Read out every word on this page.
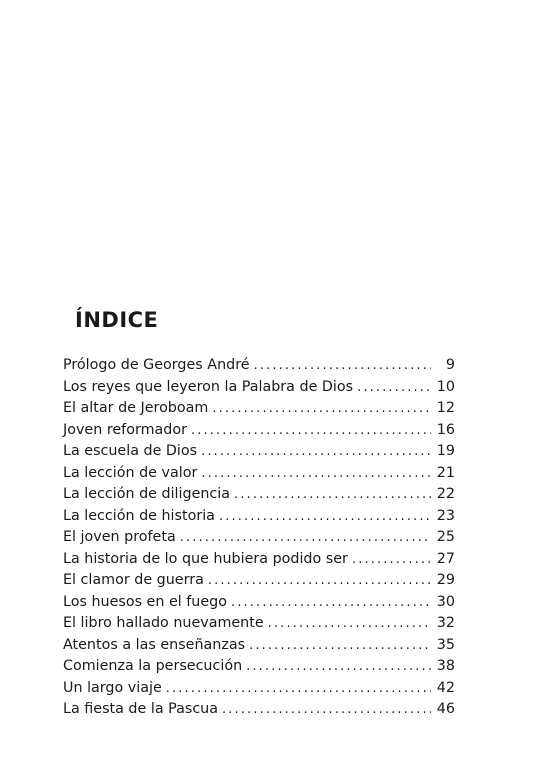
ÍNDICE
Prólogo de Georges André . . .	9
Los reyes que leyeron la Palabra de Dios . . .	10
El altar de Jeroboam . . .	12
Joven reformador . . .	16
La escuela de Dios . . .	19
La lección de valor . . .	21
La lección de diligencia . . .	22
La lección de historia . . .	23
El joven profeta . . .	25
La historia de lo que hubiera podido ser . . .	27
El clamor de guerra . . .	29
Los huesos en el fuego . . .	30
El libro hallado nuevamente . . .	32
Atentos a las enseñanzas . . .	35
Comienza la persecución . . .	38
Un largo viaje . . .	42
La fiesta de la Pascua . . .	46
